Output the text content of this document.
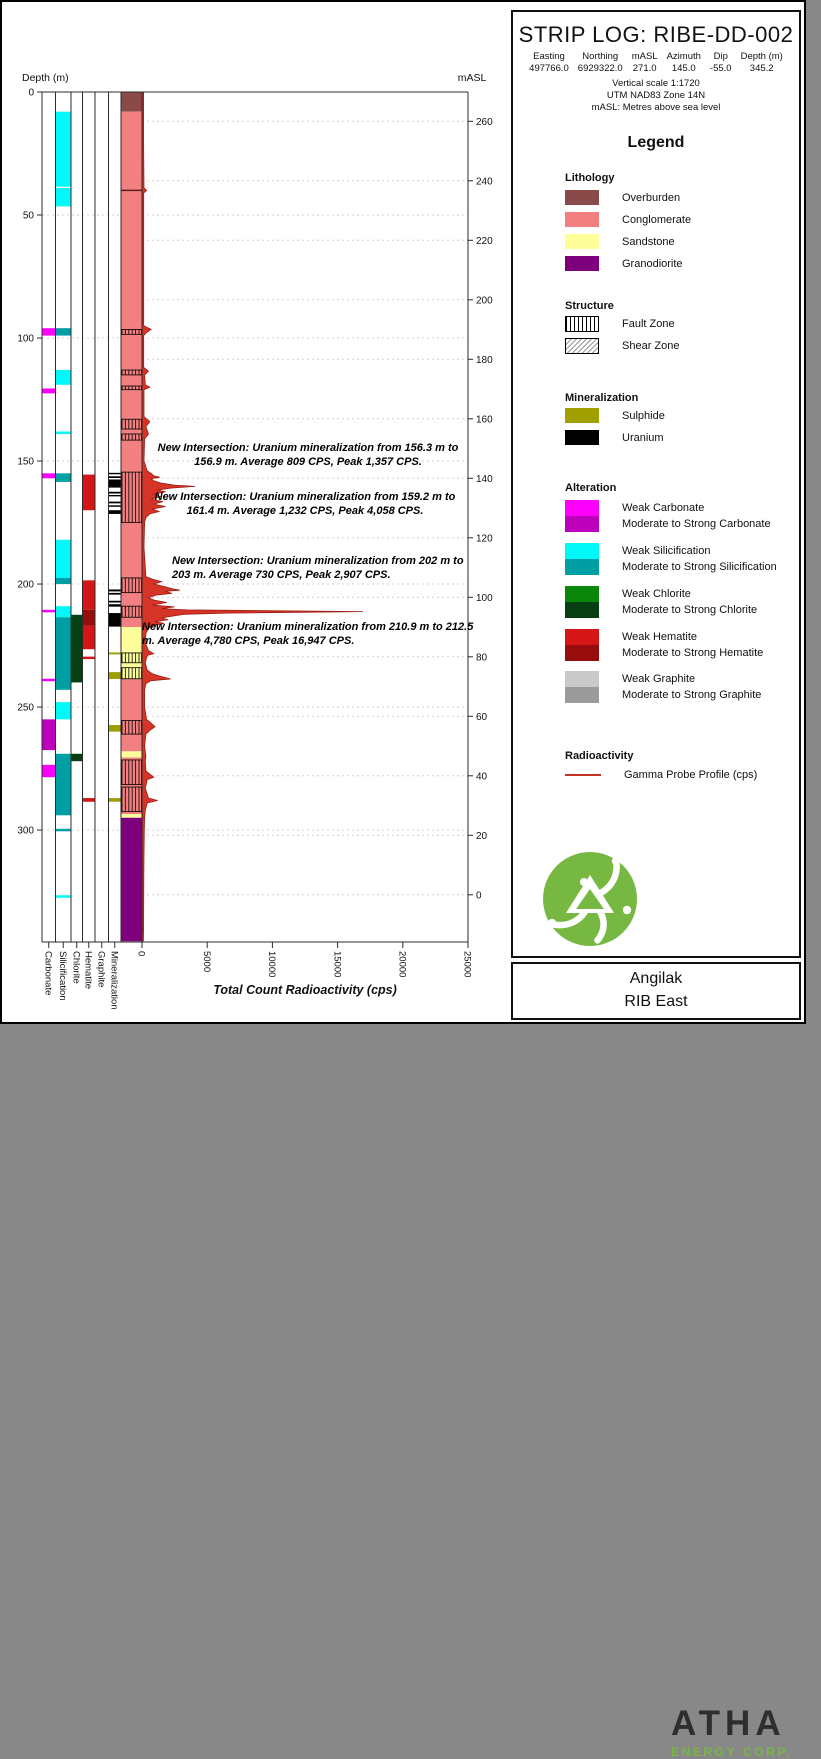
Depth (m)
0
50
100
150
200
250
300
mASL
260
240
220
200
180
160
140
120
100
80
60
40
20
0
0	5000	10000	15000	20000	25000
Carbonate Silicification Chlorite Hematite Graphite Mineralization	Total Count Radioactivity (cps)
New Intersection: Uranium mineralization from 156.3 m to 156.9 m. Average 809 CPS, Peak 1,357 CPS.
New Intersection: Uranium mineralization from 159.2 m to 161.4 m. Average 1,232 CPS, Peak 4,058 CPS.
New Intersection: Uranium mineralization from 202 m to 203 m. Average 730 CPS, Peak 2,907 CPS.
New Intersection: Uranium mineralization from 210.9 m to 212.5 m. Average 4,780 CPS, Peak 16,947 CPS.
STRIP LOG: RIBE-DD-002
Easting
497766.0
Northing
6929322.0
mASL
271.0
Azimuth
145.0
Dip
-55.0
Depth (m)
345.2
Vertical scale 1:1720
UTM NAD83 Zone 14N
mASL: Metres above sea level
Legend
Lithology
Overburden
Conglomerate
Sandstone
Granodiorite
Structure
Fault Zone
Shear Zone
Mineralization
Sulphide
Uranium
Alteration
Weak Carbonate
Moderate to Strong Carbonate
Weak Silicification
Moderate to Strong Silicification
Weak Chlorite
Moderate to Strong Chlorite
Weak Hematite
Moderate to Strong Hematite
Weak Graphite
Moderate to Strong Graphite
Radioactivity
Gamma Probe Profile (cps)
ATHA
ENERGY CORP.
Angilak
RIB East
